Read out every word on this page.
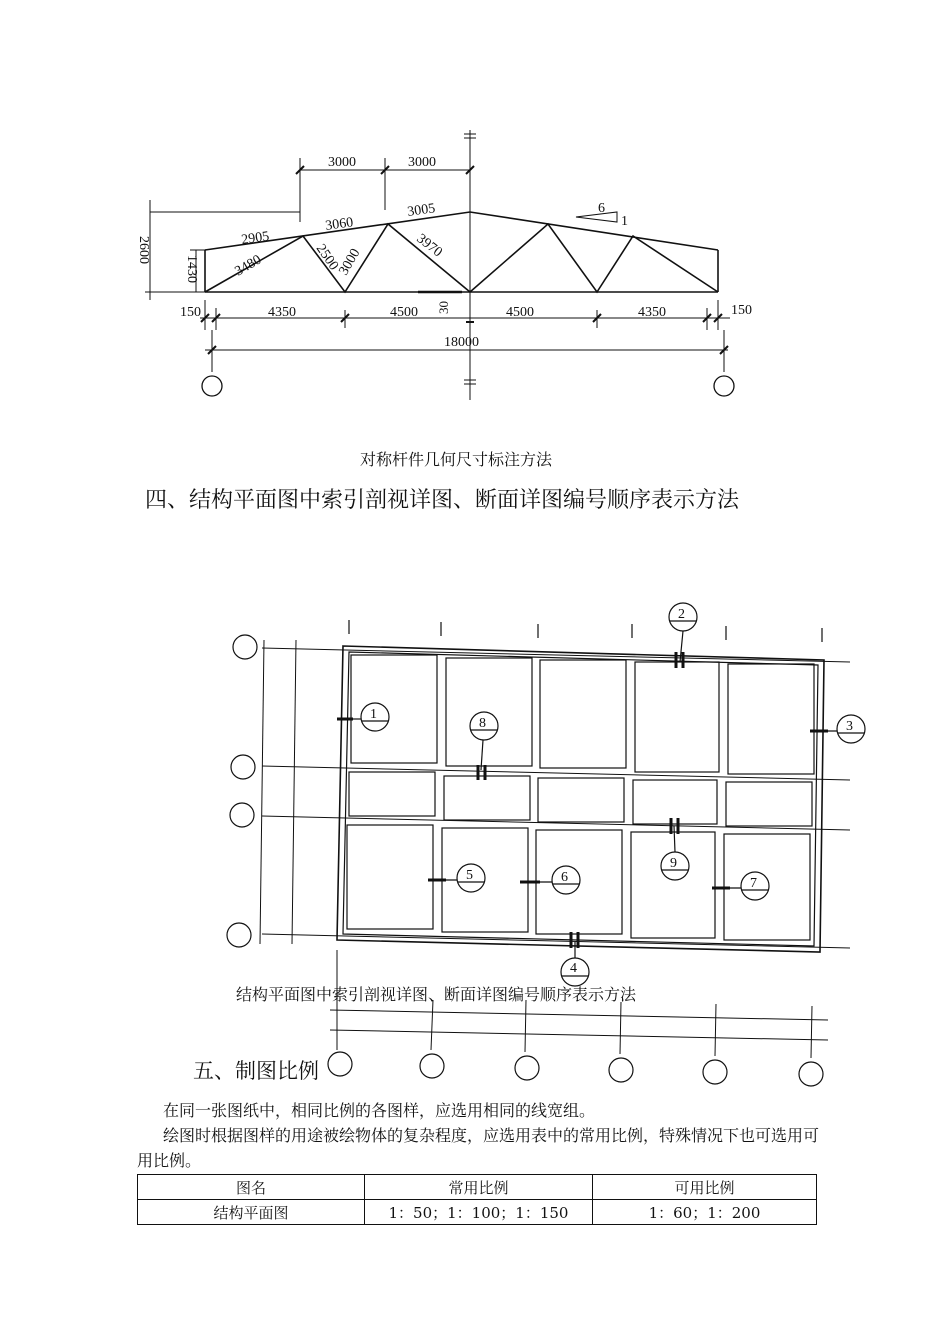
3000	3000
2905
3060
3005
3480	2500
3000
3970
6
1
2600
1430
150	4350	4500	4500	4350	150
30
18000
对称杆件几何尺寸标注方法
四、结构平面图中索引剖视详图、断面详图编号顺序表示方法
1
2
3
4
5	6	7
8
9
结构平面图中索引剖视详图、断面详图编号顺序表示方法
五、制图比例
在同一张图纸中，相同比例的各图样，应选用相同的线宽组。
绘图时根据图样的用途被绘物体的复杂程度，应选用表中的常用比例，特殊情况下也可选用可用比例。
图名	常用比例	可用比例
结构平面图	1：50；1：100；1：150	1：60；1：200
